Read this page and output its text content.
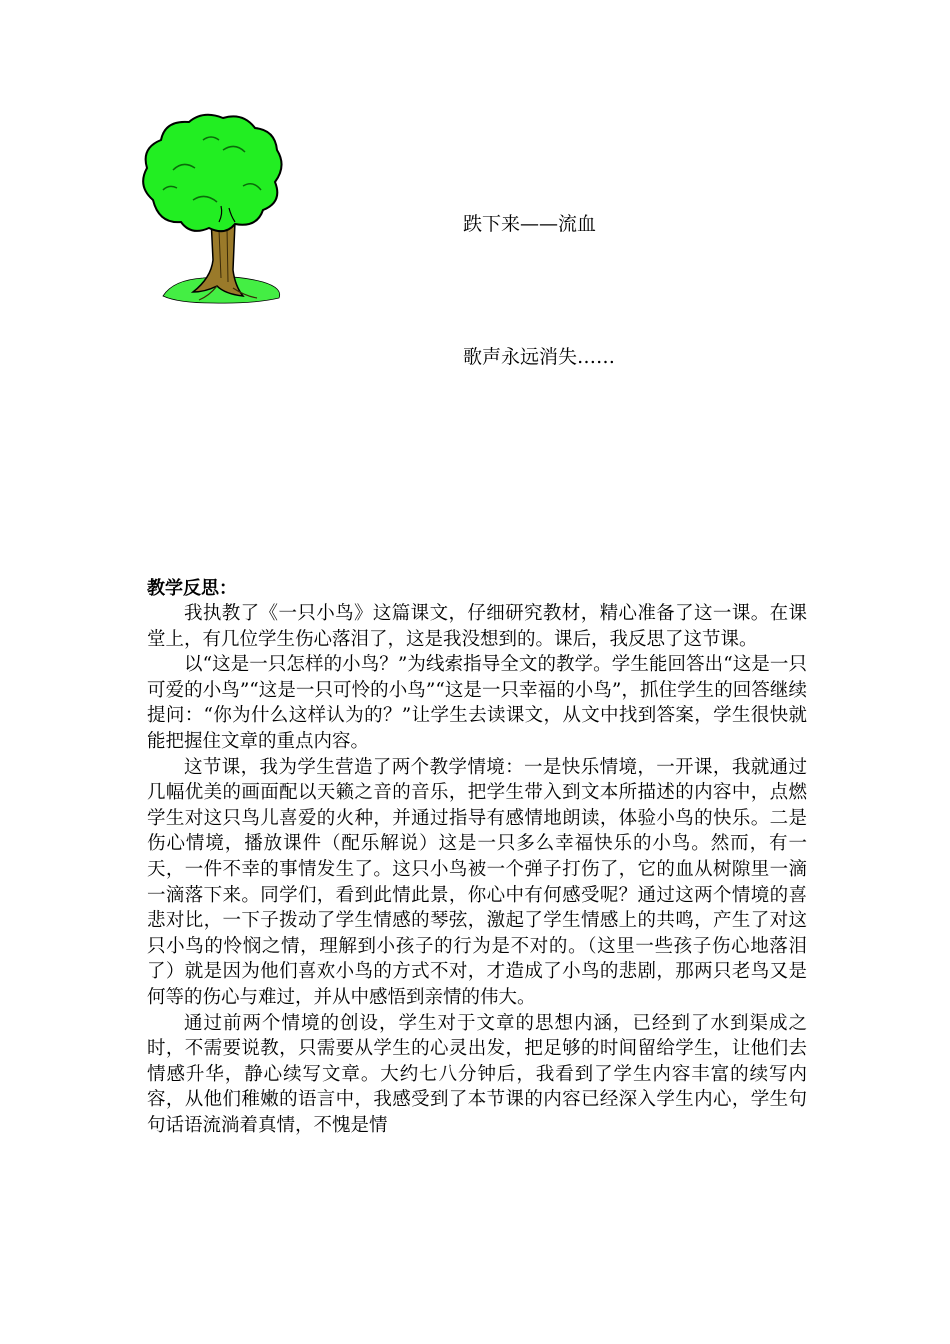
跌下来——流血
歌声永远消失……
教学反思：

我执教了《一只小鸟》这篇课文，仔细研究教材，精心准备了这一课。在课堂上，有几位学生伤心落泪了，这是我没想到的。课后，我反思了这节课。

以“这是一只怎样的小鸟？”为线索指导全文的教学。学生能回答出“这是一只可爱的小鸟”“这是一只可怜的小鸟”“这是一只幸福的小鸟”，抓住学生的回答继续提问：“你为什么这样认为的？”让学生去读课文，从文中找到答案，学生很快就能把握住文章的重点内容。

这节课，我为学生营造了两个教学情境：一是快乐情境，一开课，我就通过几幅优美的画面配以天籁之音的音乐，把学生带入到文本所描述的内容中，点燃学生对这只鸟儿喜爱的火种，并通过指导有感情地朗读，体验小鸟的快乐。二是伤心情境，播放课件（配乐解说）这是一只多么幸福快乐的小鸟。然而，有一天，一件不幸的事情发生了。这只小鸟被一个弹子打伤了，它的血从树隙里一滴一滴落下来。同学们，看到此情此景，你心中有何感受呢？通过这两个情境的喜悲对比，一下子拨动了学生情感的琴弦，激起了学生情感上的共鸣，产生了对这只小鸟的怜悯之情，理解到小孩子的行为是不对的。（这里一些孩子伤心地落泪了）就是因为他们喜欢小鸟的方式不对，才造成了小鸟的悲剧，那两只老鸟又是何等的伤心与难过，并从中感悟到亲情的伟大。

通过前两个情境的创设，学生对于文章的思想内涵，已经到了水到渠成之时，不需要说教，只需要从学生的心灵出发，把足够的时间留给学生，让他们去情感升华，静心续写文章。大约七八分钟后，我看到了学生内容丰富的续写内容，从他们稚嫩的语言中，我感受到了本节课的内容已经深入学生内心，学生句句话语流淌着真情，不愧是情
